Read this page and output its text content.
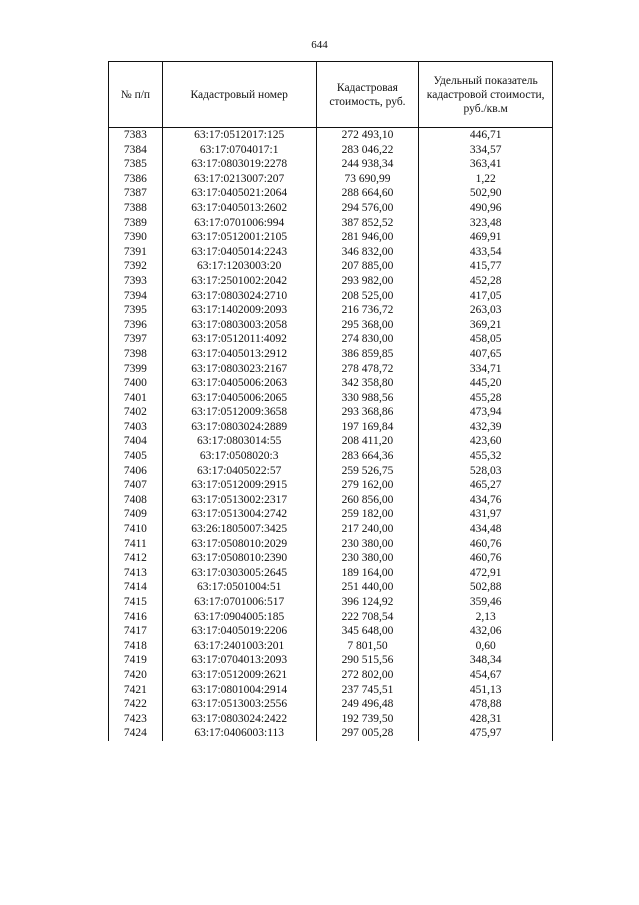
644
№ п/п	Кадастровый номер	Кадастровая стоимость, руб.	Удельный показатель кадастровой стоимости, руб./кв.м
7383	63:17:0512017:125	272 493,10	446,71
7384	63:17:0704017:1	283 046,22	334,57
7385	63:17:0803019:2278	244 938,34	363,41
7386	63:17:0213007:207	73 690,99	1,22
7387	63:17:0405021:2064	288 664,60	502,90
7388	63:17:0405013:2602	294 576,00	490,96
7389	63:17:0701006:994	387 852,52	323,48
7390	63:17:0512001:2105	281 946,00	469,91
7391	63:17:0405014:2243	346 832,00	433,54
7392	63:17:1203003:20	207 885,00	415,77
7393	63:17:2501002:2042	293 982,00	452,28
7394	63:17:0803024:2710	208 525,00	417,05
7395	63:17:1402009:2093	216 736,72	263,03
7396	63:17:0803003:2058	295 368,00	369,21
7397	63:17:0512011:4092	274 830,00	458,05
7398	63:17:0405013:2912	386 859,85	407,65
7399	63:17:0803023:2167	278 478,72	334,71
7400	63:17:0405006:2063	342 358,80	445,20
7401	63:17:0405006:2065	330 988,56	455,28
7402	63:17:0512009:3658	293 368,86	473,94
7403	63:17:0803024:2889	197 169,84	432,39
7404	63:17:0803014:55	208 411,20	423,60
7405	63:17:0508020:3	283 664,36	455,32
7406	63:17:0405022:57	259 526,75	528,03
7407	63:17:0512009:2915	279 162,00	465,27
7408	63:17:0513002:2317	260 856,00	434,76
7409	63:17:0513004:2742	259 182,00	431,97
7410	63:26:1805007:3425	217 240,00	434,48
7411	63:17:0508010:2029	230 380,00	460,76
7412	63:17:0508010:2390	230 380,00	460,76
7413	63:17:0303005:2645	189 164,00	472,91
7414	63:17:0501004:51	251 440,00	502,88
7415	63:17:0701006:517	396 124,92	359,46
7416	63:17:0904005:185	222 708,54	2,13
7417	63:17:0405019:2206	345 648,00	432,06
7418	63:17:2401003:201	7 801,50	0,60
7419	63:17:0704013:2093	290 515,56	348,34
7420	63:17:0512009:2621	272 802,00	454,67
7421	63:17:0801004:2914	237 745,51	451,13
7422	63:17:0513003:2556	249 496,48	478,88
7423	63:17:0803024:2422	192 739,50	428,31
7424	63:17:0406003:113	297 005,28	475,97
